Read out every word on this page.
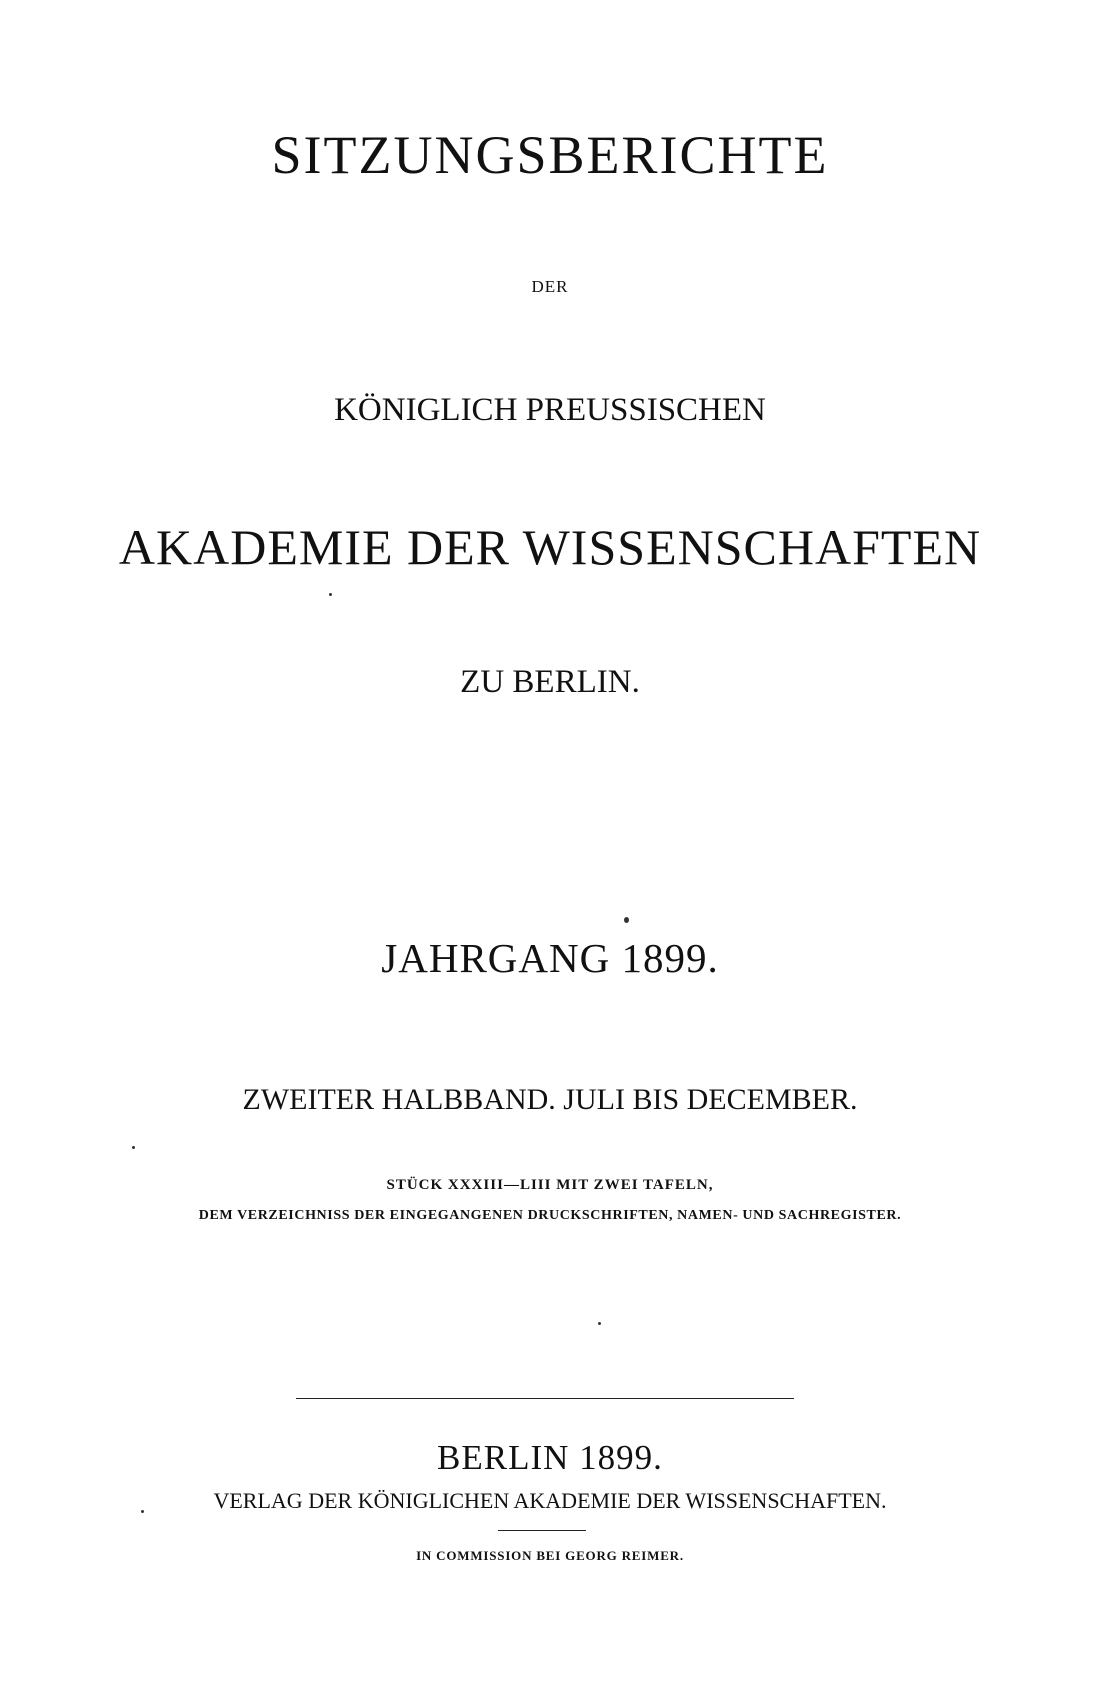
SITZUNGSBERICHTE
DER
KÖNIGLICH PREUSSISCHEN
AKADEMIE DER WISSENSCHAFTEN
ZU BERLIN.
JAHRGANG 1899.
ZWEITER HALBBAND. JULI BIS DECEMBER.
STÜCK XXXIII—LIII MIT ZWEI TAFELN,
DEM VERZEICHNISS DER EINGEGANGENEN DRUCKSCHRIFTEN, NAMEN- UND SACHREGISTER.
BERLIN 1899.
VERLAG DER KÖNIGLICHEN AKADEMIE DER WISSENSCHAFTEN.
IN COMMISSION BEI GEORG REIMER.
